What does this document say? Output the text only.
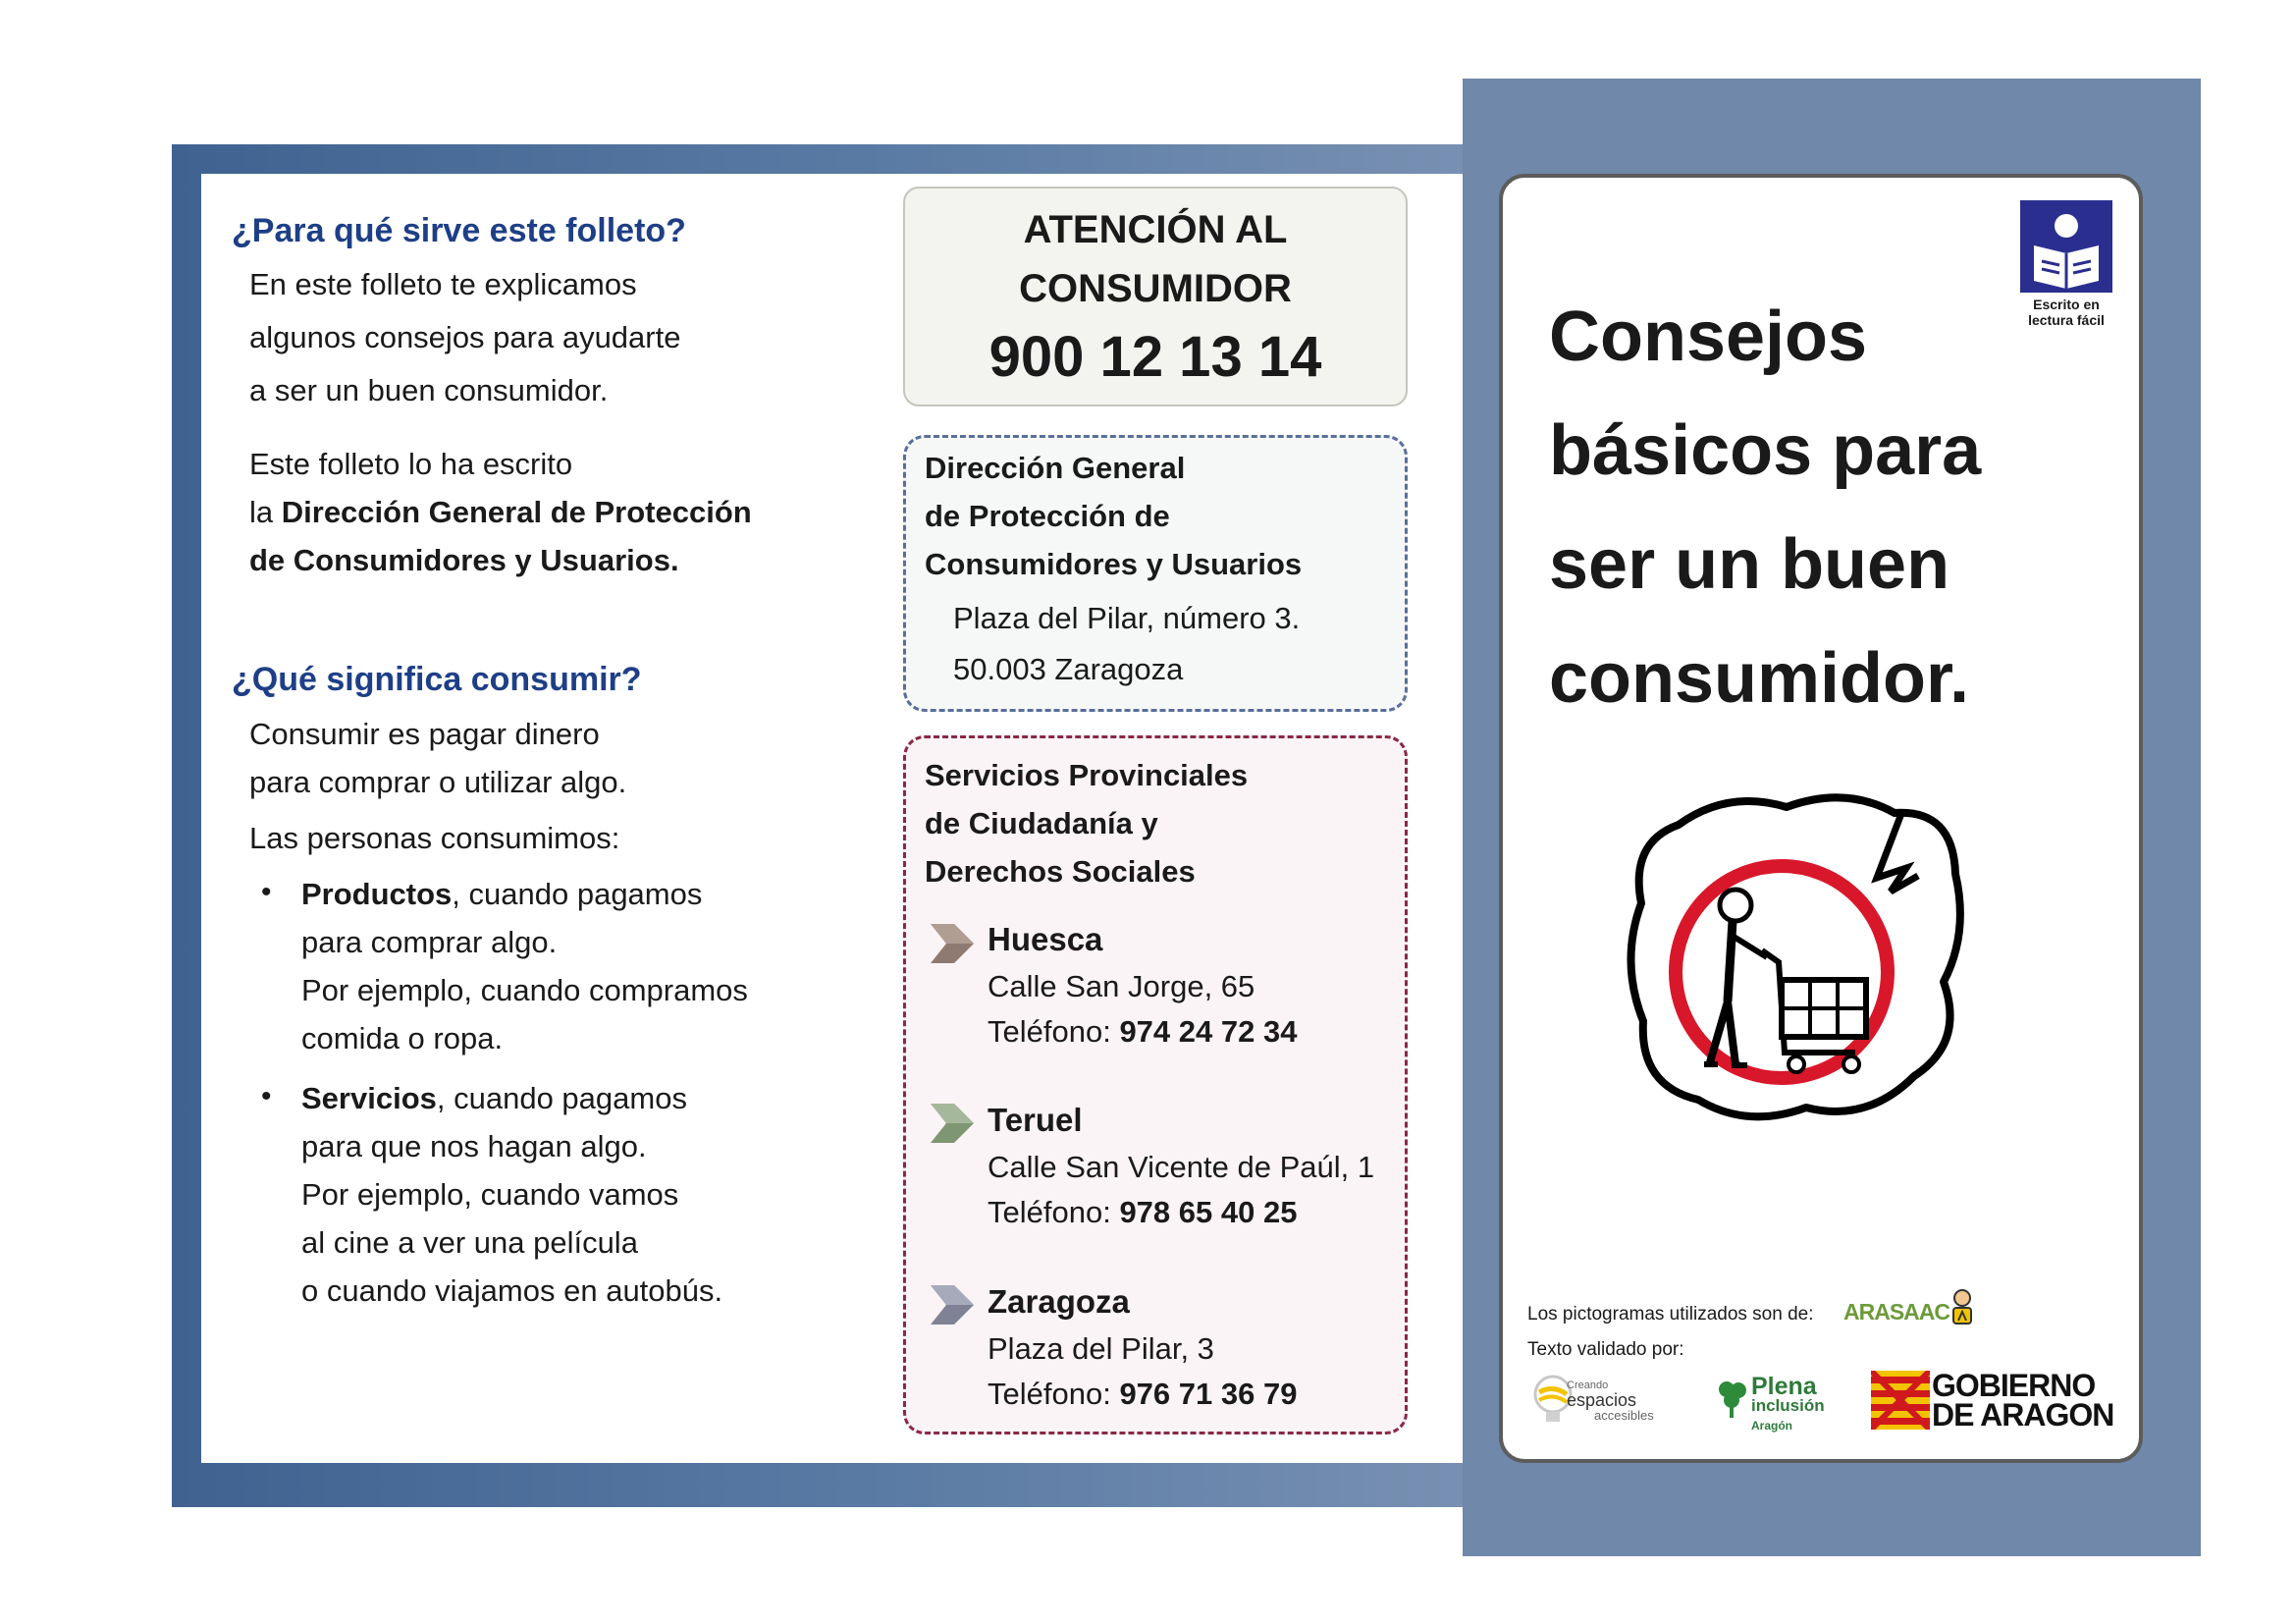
¿Para qué sirve este folleto?
En este folleto te explicamos
algunos consejos para ayudarte
a ser un buen consumidor.
Este folleto lo ha escrito
la Dirección General de Protección
de Consumidores y Usuarios.
¿Qué significa consumir?
Consumir es pagar dinero
para comprar o utilizar algo.
Las personas consumimos:
• Productos, cuando pagamos
para comprar algo.
Por ejemplo, cuando compramos
comida o ropa.
• Servicios, cuando pagamos
para que nos hagan algo.
Por ejemplo, cuando vamos
al cine a ver una película
o cuando viajamos en autobús.
ATENCIÓN AL
CONSUMIDOR
900 12 13 14
Dirección General
de Protección de
Consumidores y Usuarios
Plaza del Pilar, número 3.
50.003 Zaragoza
Servicios Provinciales
de Ciudadanía y
Derechos Sociales
Huesca
Calle San Jorge, 65
Teléfono: 974 24 72 34
Teruel
Calle San Vicente de Paúl, 1
Teléfono: 978 65 40 25
Zaragoza
Plaza del Pilar, 3
Teléfono: 976 71 36 79
Escrito en
lectura fácil
Consejos
básicos para
ser un buen
consumidor.
Los pictogramas utilizados son de: ARASAAC
Texto validado por:
Creando
espacios
accesibles
Plena
inclusión
Aragón
GOBIERNO
DE ARAGON
